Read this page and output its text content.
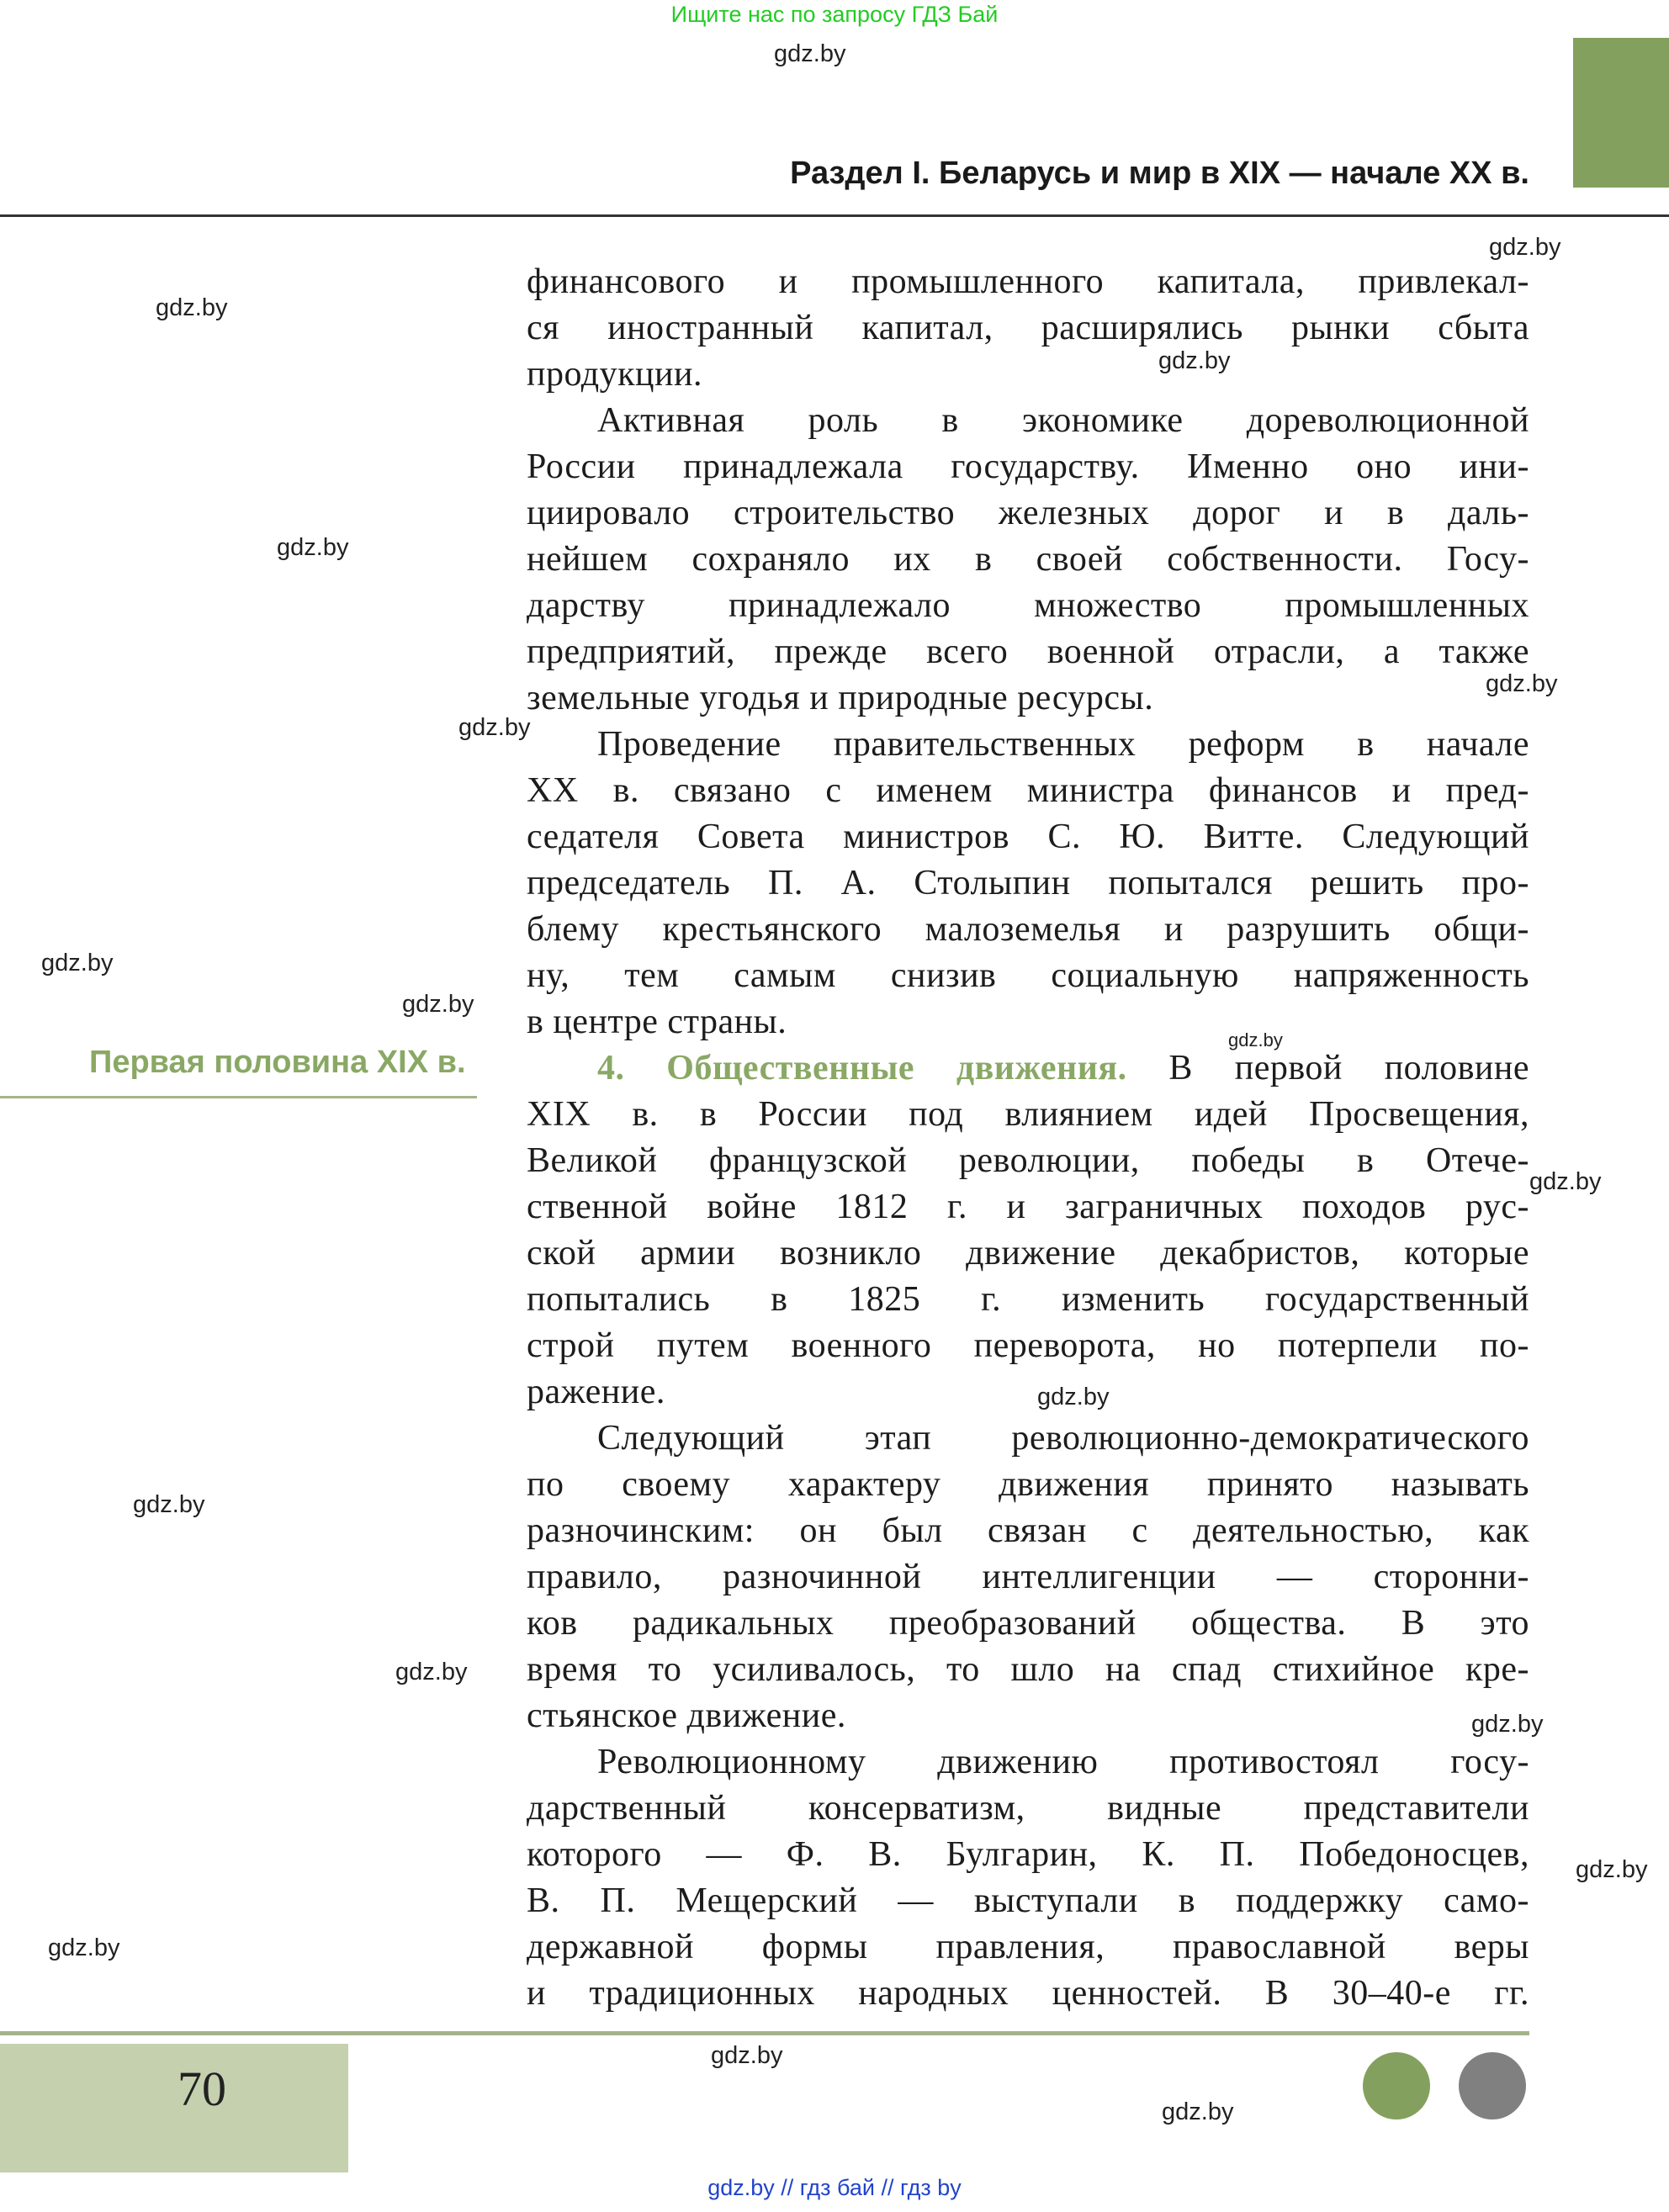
Ищите нас по запросу ГДЗ Бай
Раздел I. Беларусь и мир в XIX — начале XX в.
Первая половина XIX в.
финансового и промышленного капитала, привлекал-
ся иностранный капитал, расширялись рынки сбыта
продукции.
Активная роль в экономике дореволюционной
России принадлежала государству. Именно оно ини-
циировало строительство железных дорог и в даль-
нейшем сохраняло их в своей собственности. Госу-
дарству принадлежало множество промышленных
предприятий, прежде всего военной отрасли, а также
земельные угодья и природные ресурсы.
Проведение правительственных реформ в начале
XX в. связано с именем министра финансов и пред-
седателя Совета министров С. Ю. Витте. Следующий
председатель П. А. Столыпин попытался решить про-
блему крестьянского малоземелья и разрушить общи-
ну, тем самым снизив социальную напряженность
в центре страны.
4. Общественные движения. В первой половине
XIX в. в России под влиянием идей Просвещения,
Великой французской революции, победы в Отече-
ственной войне 1812 г. и заграничных походов рус-
ской армии возникло движение декабристов, которые
попытались в 1825 г. изменить государственный
строй путем военного переворота, но потерпели по-
ражение.
Следующий этап революционно-демократического
по своему характеру движения принято называть
разночинским: он был связан с деятельностью, как
правило, разночинной интеллигенции — сторонни-
ков радикальных преобразований общества. В это
время то усиливалось, то шло на спад стихийное кре-
стьянское движение.
Революционному движению противостоял госу-
дарственный консерватизм, видные представители
которого — Ф. В. Булгарин, К. П. Победоносцев,
В. П. Мещерский — выступали в поддержку само-
державной формы правления, православной веры
и традиционных народных ценностей. В 30–40-е гг.
70
gdz.by // гдз бай // гдз by
gdz.by
gdz.by
gdz.by
gdz.by
gdz.by
gdz.by
gdz.by
gdz.by
gdz.by
gdz.by
gdz.by
gdz.by
gdz.by
gdz.by
gdz.by
gdz.by
gdz.by
gdz.by
gdz.by
